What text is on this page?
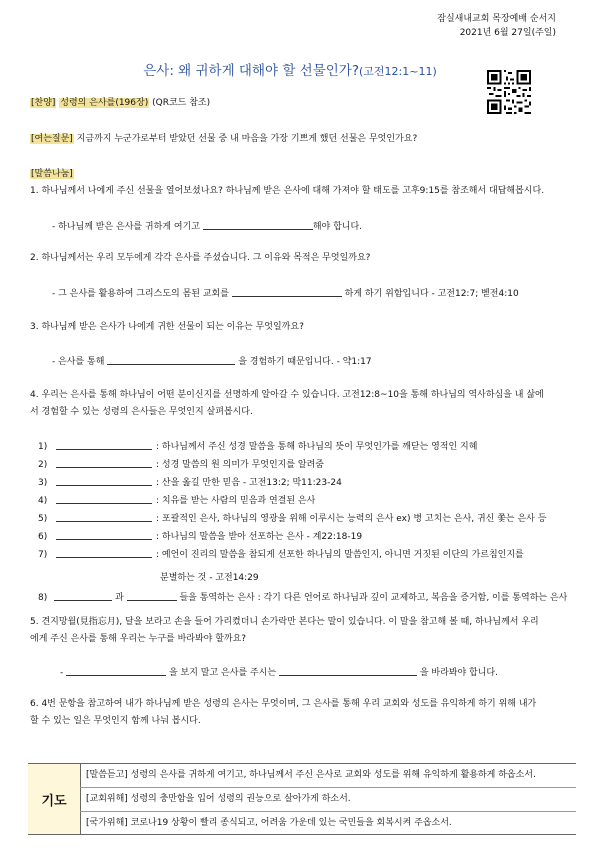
잠실새내교회 목장예배 순서지
2021년 6월 27일(주일)
은사: 왜 귀하게 대해야 할 선물인가?(고전12:1~11)
[찬양] 성령의 은사를(196장) (QR코드 참조)
[여는질문] 지금까지 누군가로부터 받았던 선물 중 내 마음을 가장 기쁘게 했던 선물은 무엇인가요?
[말씀나눔]
1. 하나님께서 나에게 주신 선물을 열어보셨나요? 하나님께 받은 은사에 대해 가져야 할 태도를 고후9:15를 참조해서 대답해봅시다.
- 하나님께 받은 은사를 귀하게 여기고	해야 합니다.
2. 하나님께서는 우리 모두에게 각각 은사를 주셨습니다. 그 이유와 목적은 무엇일까요?
- 그 은사를 활용하여 그리스도의 몸된 교회를	하게 하기 위함입니다 - 고전12:7; 벧전4:10
3. 하나님께 받은 은사가 나에게 귀한 선물이 되는 이유는 무엇일까요?
- 은사를 통해	을 경험하기 때문입니다. - 약1:17
4. 우리는 은사를 통해 하나님이 어떤 분이신지를 선명하게 알아갈 수 있습니다. 고전12:8~10을 통해 하나님의 역사하심을 내 삶에
서 경험할 수 있는 성령의 은사들은 무엇인지 살펴봅시다.
1)	: 하나님께서 주신 성경 말씀을 통해 하나님의 뜻이 무엇인가를 깨닫는 영적인 지혜
2)	: 성경 말씀의 원 의미가 무엇인지를 알려줌
3)	: 산을 옮길 만한 믿음 - 고전13:2; 막11:23-24
4)	: 치유를 받는 사람의 믿음과 연결된 은사
5)	: 포괄적인 은사, 하나님의 영광을 위해 이루시는 능력의 은사 ex) 병 고치는 은사, 귀신 쫓는 은사 등
6)	: 하나님의 말씀을 받아 선포하는 은사 - 계22:18-19
7)	: 예언이 진리의 말씀을 참되게 선포한 하나님의 말씀인지, 아니면 거짓된 이단의 가르침인지를
분별하는 것 - 고전14:29
8)	과	들을 통역하는 은사 : 각기 다른 언어로 하나님과 깊이 교제하고, 복음을 증거함, 이를 통역하는 은사
5. 견지망월(見指忘月), 달을 보라고 손을 들어 가리켰더니 손가락만 본다는 말이 있습니다. 이 말을 참고해 볼 때, 하나님께서 우리
에게 주신 은사를 통해 우리는 누구를 바라봐야 할까요?
-	을 보지 말고 은사를 주시는	을 바라봐야 합니다.
6. 4번 문항을 참고하여 내가 하나님께 받은 성령의 은사는 무엇이며, 그 은사를 통해 우리 교회와 성도를 유익하게 하기 위해 내가
할 수 있는 일은 무엇인지 함께 나눠 봅시다.
기도
[말씀듣고] 성령의 은사를 귀하게 여기고, 하나님께서 주신 은사로 교회와 성도를 위해 유익하게 활용하게 하옵소서.
[교회위해] 성령의 충만함을 입어 성령의 권능으로 살아가게 하소서.
[국가위해] 코로나19 상황이 빨리 종식되고, 어려움 가운데 있는 국민들을 회복시켜 주옵소서.
